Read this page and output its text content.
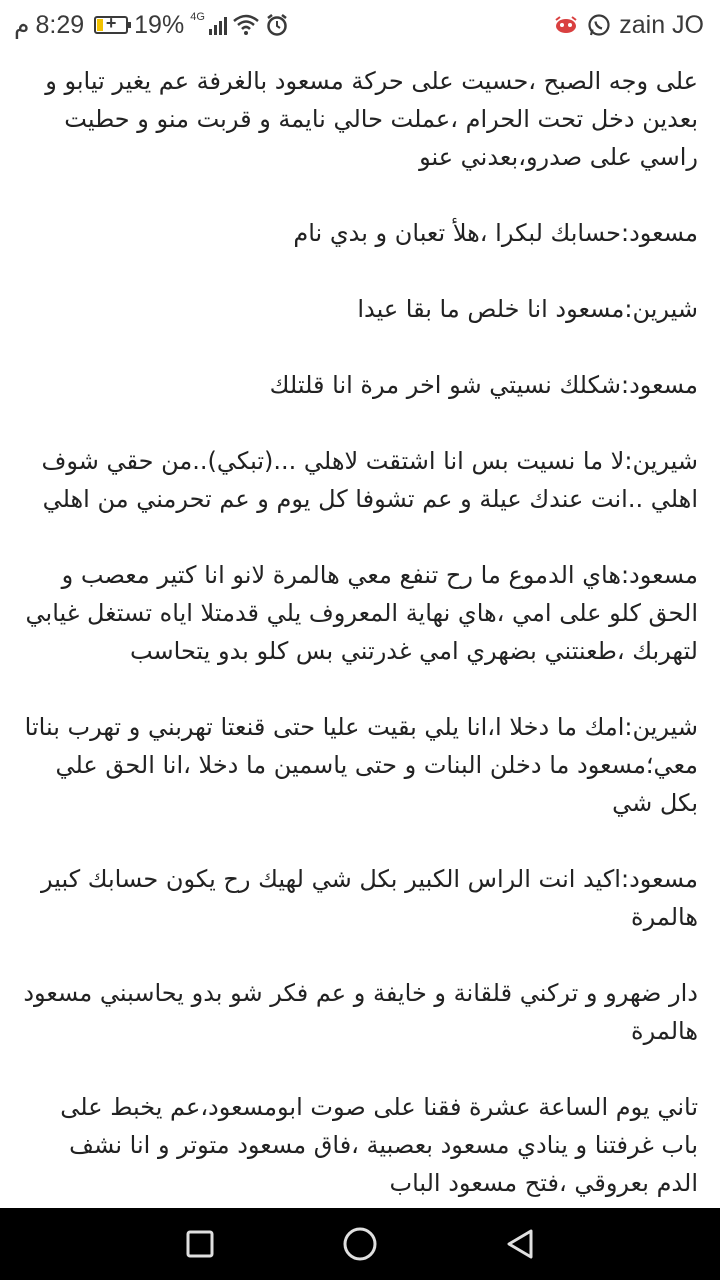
م 8:29	+ 19% 4G	zain JO

على وجه الصبح ،حسيت على حركة مسعود بالغرفة عم يغير تيابو و بعدين دخل تحت الحرام ،عملت حالي نايمة و قربت منو و حطيت راسي على صدرو،بعدني عنو

مسعود:حسابك لبكرا ،هلأ تعبان و بدي نام

شيرين:مسعود انا خلص ما بقا عيدا

مسعود:شكلك نسيتي شو اخر مرة انا قلتلك

شيرين:لا ما نسيت بس انا اشتقت لاهلي ...(تبكي)..من حقي شوف اهلي ..انت عندك عيلة و عم تشوفا كل يوم و عم تحرمني من اهلي

مسعود:هاي الدموع ما رح تنفع معي هالمرة لانو انا كتير معصب و الحق كلو على امي ،هاي نهاية المعروف يلي قدمتلا اياه تستغل غيابي لتهربك ،طعنتني بضهري امي غدرتني بس كلو بدو يتحاسب

شيرين:امك ما دخلا ا،انا يلي بقيت عليا حتى قنعتا تهربني و تهرب بناتا معي؛مسعود ما دخلن البنات و حتى ياسمين ما دخلا ،انا الحق علي بكل شي

مسعود:اكيد انت الراس الكبير بكل شي لهيك رح يكون حسابك كبير هالمرة

دار ضهرو و تركني قلقانة و خايفة و عم فكر شو بدو يحاسبني مسعود هالمرة

تاني يوم الساعة عشرة فقنا على صوت ابومسعود،عم يخبط على باب غرفتنا و ينادي مسعود بعصبية ،فاق مسعود متوتر و انا نشف الدم بعروقي ،فتح مسعود الباب
